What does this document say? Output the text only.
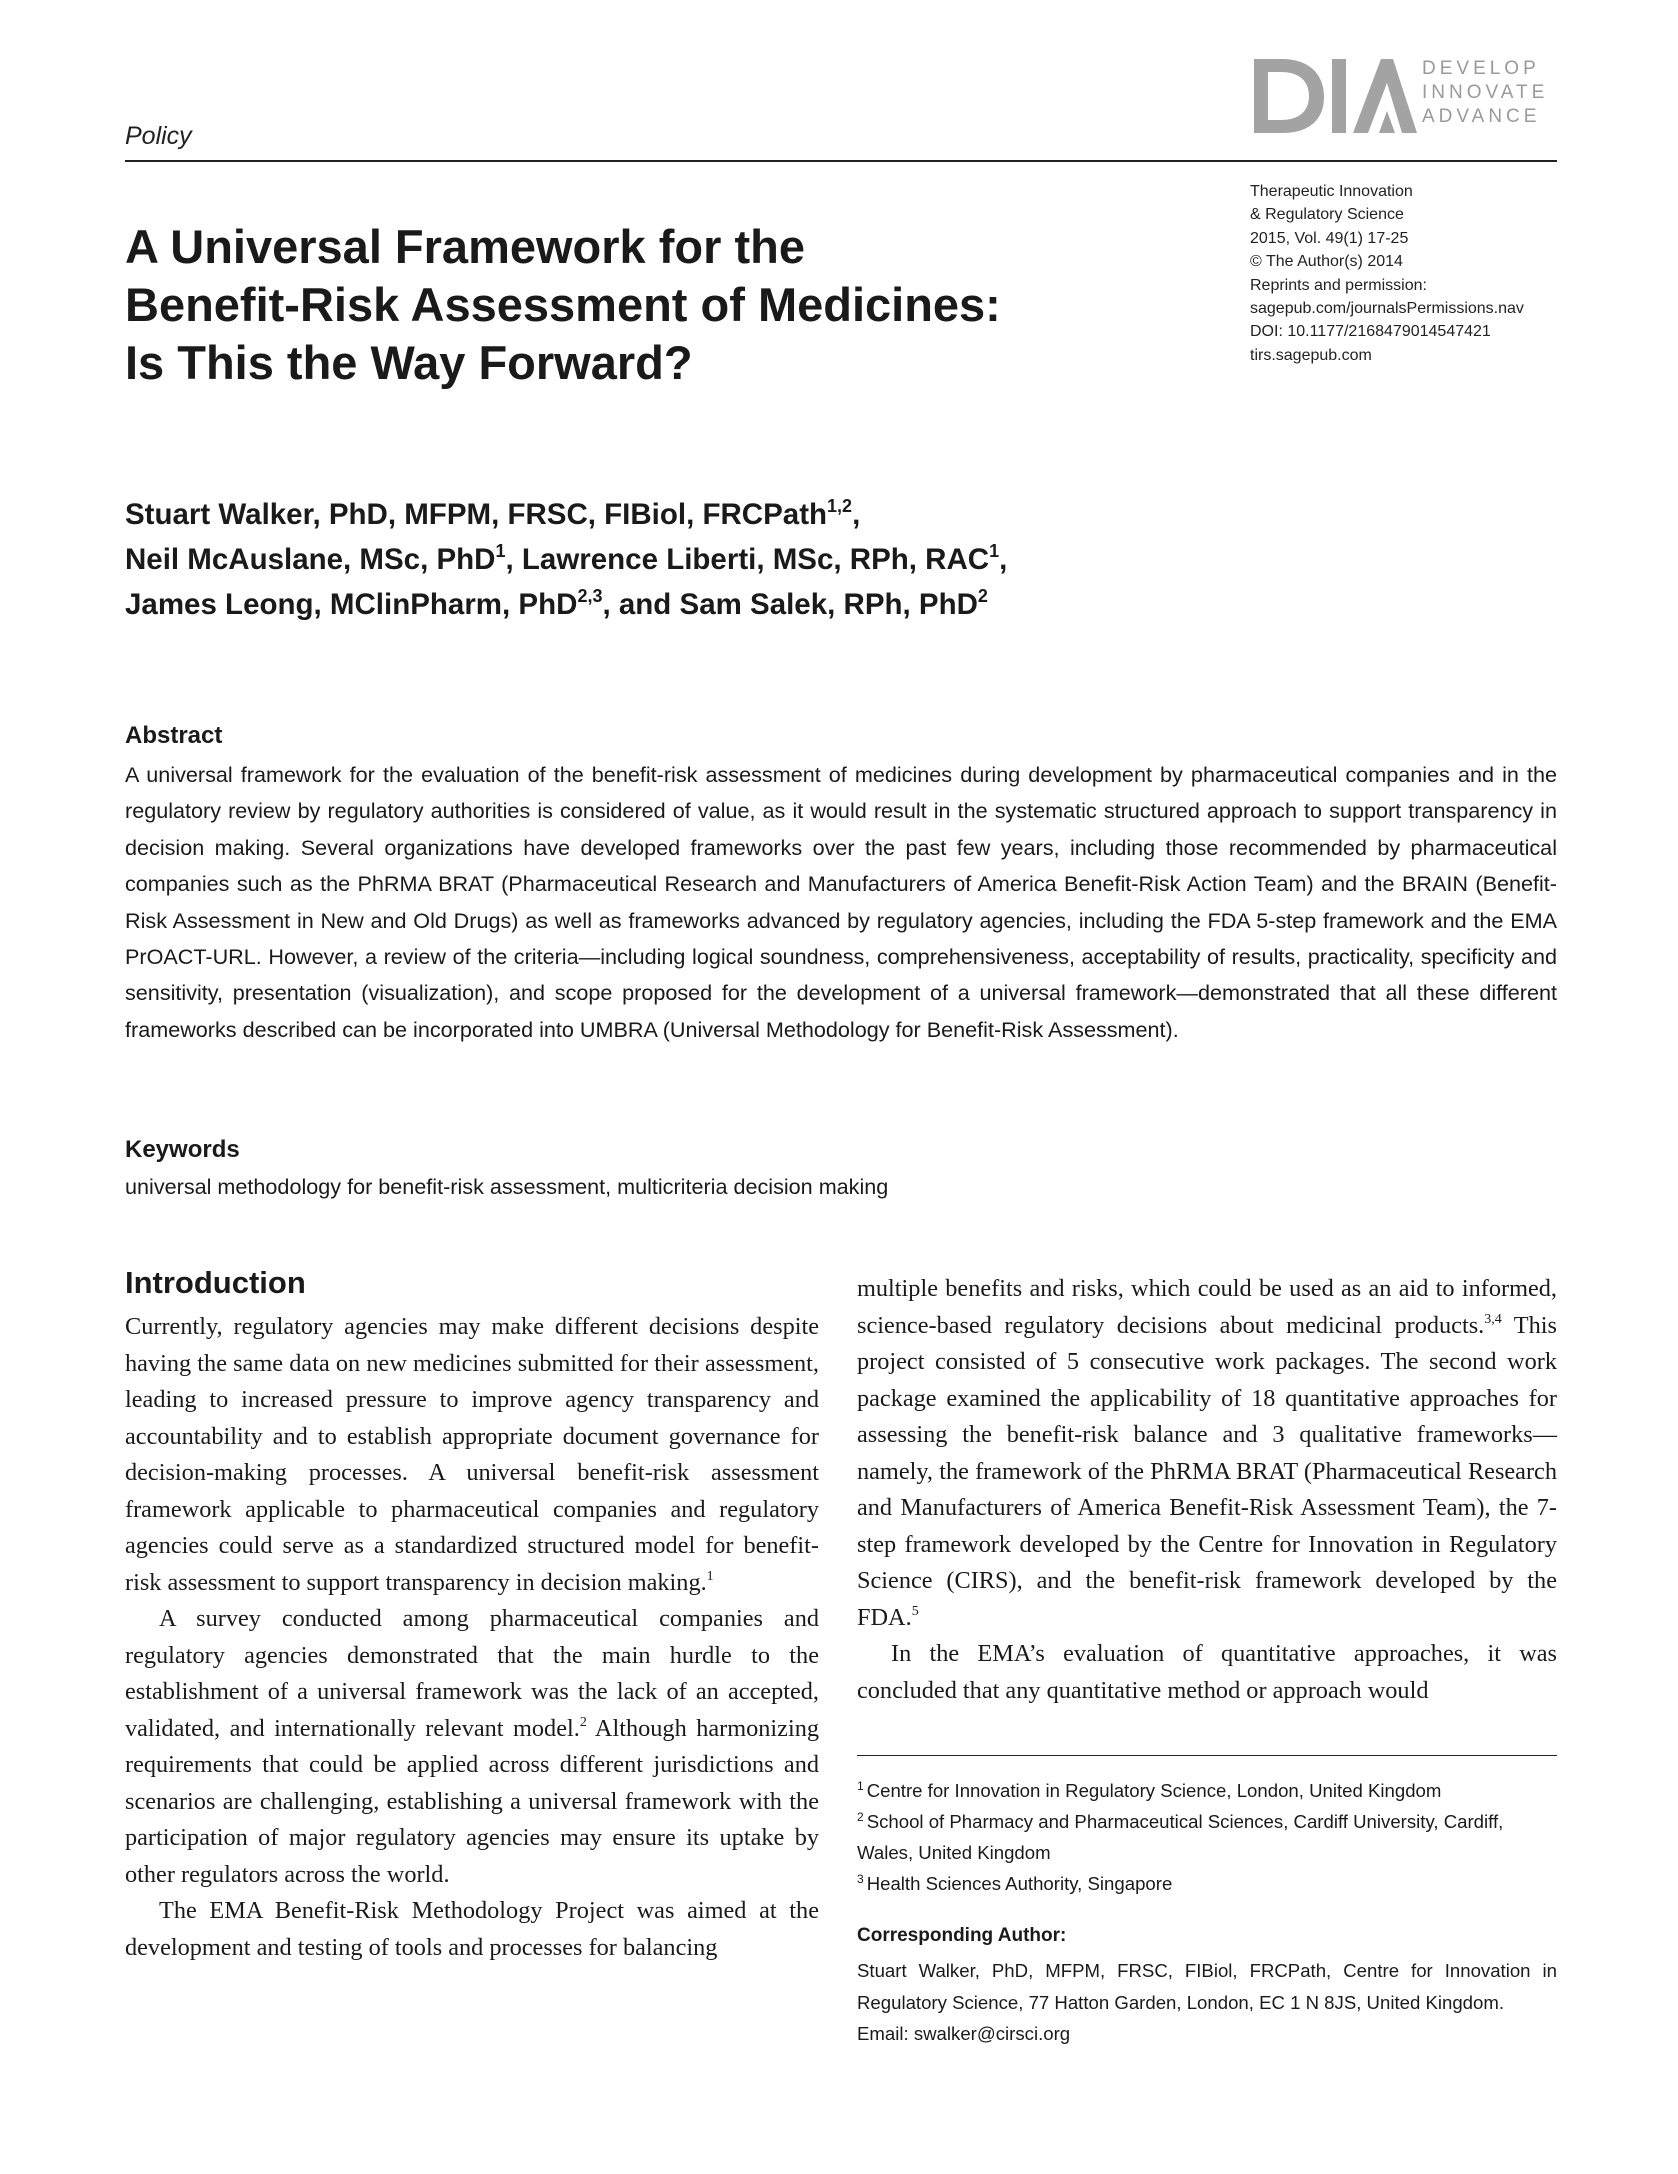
Policy
DEVELOP
INNOVATE
ADVANCE
Therapeutic Innovation
& Regulatory Science
2015, Vol. 49(1) 17-25
© The Author(s) 2014
Reprints and permission:
sagepub.com/journalsPermissions.nav
DOI: 10.1177/2168479014547421
tirs.sagepub.com
A Universal Framework for the
Benefit-Risk Assessment of Medicines:
Is This the Way Forward?
Stuart Walker, PhD, MFPM, FRSC, FIBiol, FRCPath$^{1,2}$,
Neil McAuslane, MSc, PhD$^1$, Lawrence Liberti, MSc, RPh, RAC$^1$,
James Leong, MClinPharm, PhD$^{2,3}$, and Sam Salek, RPh, PhD$^2$
Abstract
A universal framework for the evaluation of the benefit-risk assessment of medicines during development by pharmaceutical companies and in the regulatory review by regulatory authorities is considered of value, as it would result in the systematic structured approach to support transparency in decision making. Several organizations have developed frameworks over the past few years, including those recommended by pharmaceutical companies such as the PhRMA BRAT (Pharmaceutical Research and Manufacturers of America Benefit-Risk Action Team) and the BRAIN (Benefit-Risk Assessment in New and Old Drugs) as well as frameworks advanced by regulatory agencies, including the FDA 5-step framework and the EMA PrOACT-URL. However, a review of the criteria—including logical soundness, comprehensiveness, acceptability of results, practicality, specificity and sensitivity, presentation (visualization), and scope proposed for the development of a universal framework—demonstrated that all these different frameworks described can be incorporated into UMBRA (Universal Methodology for Benefit-Risk Assessment).
Keywords
universal methodology for benefit-risk assessment, multicriteria decision making
Introduction

Currently, regulatory agencies may make different decisions despite having the same data on new medicines submitted for their assessment, leading to increased pressure to improve agency transparency and accountability and to establish appropriate document governance for decision-making processes. A universal benefit-risk assessment framework applicable to pharmaceutical companies and regulatory agencies could serve as a standardized structured model for benefit-risk assessment to support transparency in decision making.$^1$

A survey conducted among pharmaceutical companies and regulatory agencies demonstrated that the main hurdle to the establishment of a universal framework was the lack of an accepted, validated, and internationally relevant model.$^2$ Although harmonizing requirements that could be applied across different jurisdictions and scenarios are challenging, establishing a universal framework with the participation of major regulatory agencies may ensure its uptake by other regulators across the world.

The EMA Benefit-Risk Methodology Project was aimed at the development and testing of tools and processes for balancing

multiple benefits and risks, which could be used as an aid to informed, science-based regulatory decisions about medicinal products.$^{3,4}$ This project consisted of 5 consecutive work packages. The second work package examined the applicability of 18 quantitative approaches for assessing the benefit-risk balance and 3 qualitative frameworks—namely, the framework of the PhRMA BRAT (Pharmaceutical Research and Manufacturers of America Benefit-Risk Assessment Team), the 7-step framework developed by the Centre for Innovation in Regulatory Science (CIRS), and the benefit-risk framework developed by the FDA.$^5$

In the EMA’s evaluation of quantitative approaches, it was concluded that any quantitative method or approach would

$^1$ Centre for Innovation in Regulatory Science, London, United Kingdom

$^2$ School of Pharmacy and Pharmaceutical Sciences, Cardiff University, Cardiff, Wales, United Kingdom

$^3$ Health Sciences Authority, Singapore

Corresponding Author:
Stuart Walker, PhD, MFPM, FRSC, FIBiol, FRCPath, Centre for Innovation in Regulatory Science, 77 Hatton Garden, London, EC 1 N 8JS, United Kingdom.
Email: swalker@cirsci.org
